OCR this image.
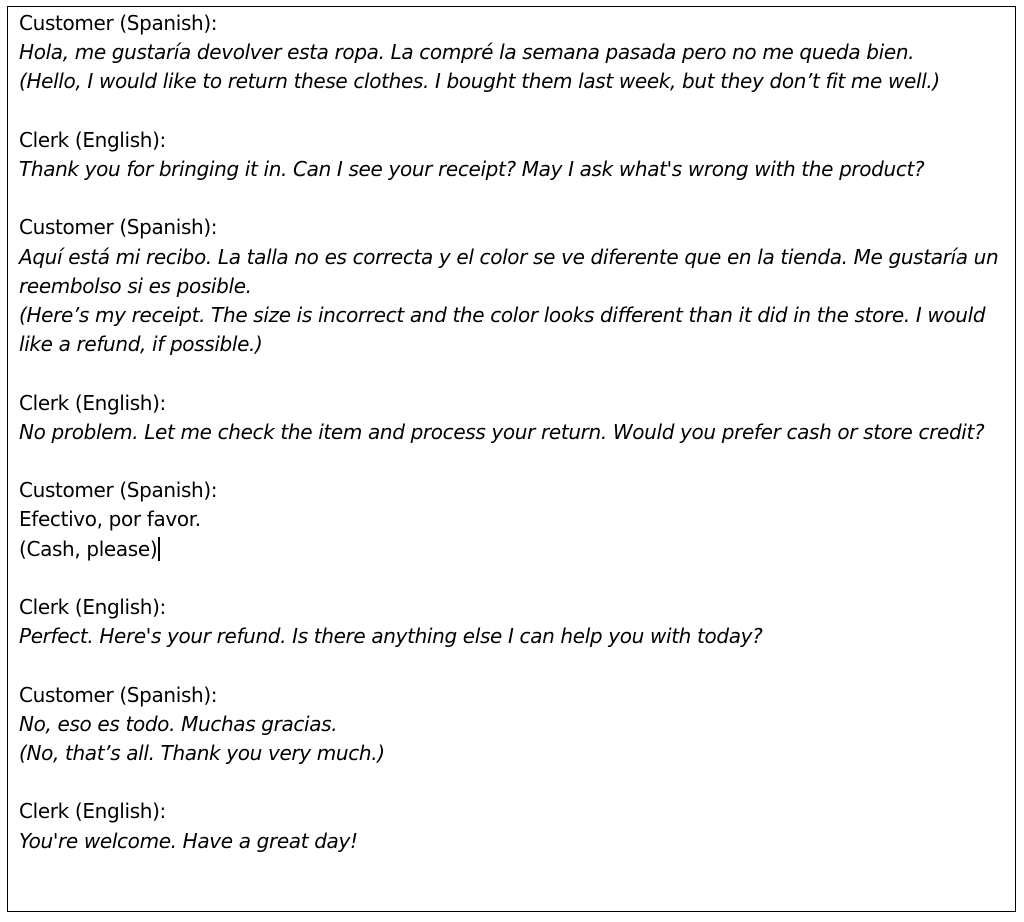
Customer (Spanish):
Hola, me gustaría devolver esta ropa. La compré la semana pasada pero no me queda bien.
(Hello, I would like to return these clothes. I bought them last week, but they don’t fit me well.)
Clerk (English):
Thank you for bringing it in. Can I see your receipt? May I ask what's wrong with the product?
Customer (Spanish):
Aquí está mi recibo. La talla no es correcta y el color se ve diferente que en la tienda. Me gustaría un reembolso si es posible.
(Here’s my receipt. The size is incorrect and the color looks different than it did in the store. I would like a refund, if possible.)
Clerk (English):
No problem. Let me check the item and process your return. Would you prefer cash or store credit?
Customer (Spanish):
Efectivo, por favor.
(Cash, please)
Clerk (English):
Perfect. Here's your refund. Is there anything else I can help you with today?
Customer (Spanish):
No, eso es todo. Muchas gracias.
(No, that’s all. Thank you very much.)
Clerk (English):
You're welcome. Have a great day!
